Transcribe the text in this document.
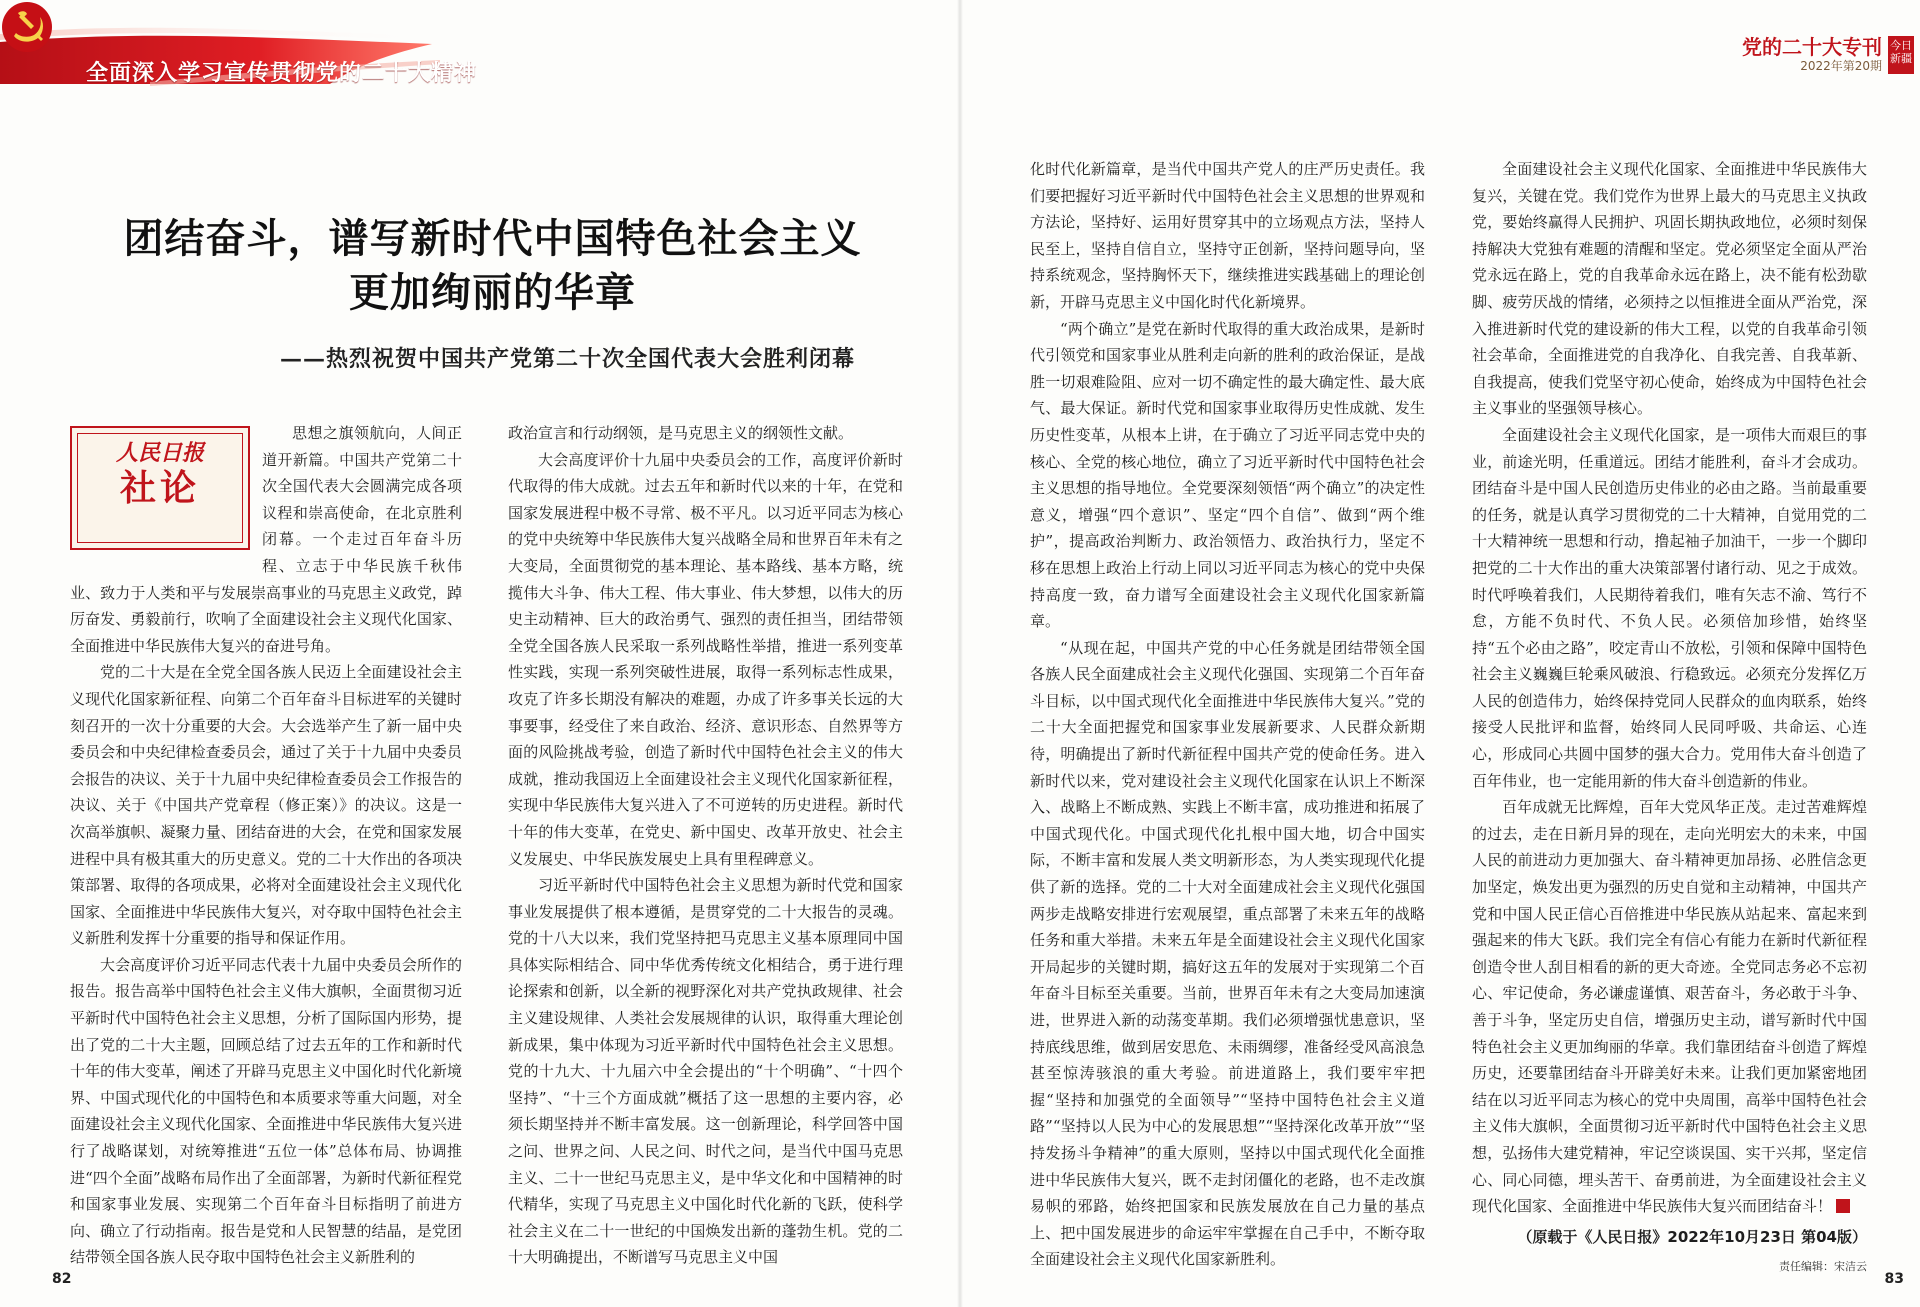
全面深入学习宣传贯彻党的二十大精神
团结奋斗，谱写新时代中国特色社会主义
更加绚丽的华章
——热烈祝贺中国共产党第二十次全国代表大会胜利闭幕
人民日报
社论

思想之旗领航向，人间正道开新篇。中国共产党第二十次全国代表大会圆满完成各项议程和崇高使命，在北京胜利闭幕。一个走过百年奋斗历程、立志于中华民族千秋伟业、致力于人类和平与发展崇高事业的马克思主义政党，踔厉奋发、勇毅前行，吹响了全面建设社会主义现代化国家、全面推进中华民族伟大复兴的奋进号角。

党的二十大是在全党全国各族人民迈上全面建设社会主义现代化国家新征程、向第二个百年奋斗目标进军的关键时刻召开的一次十分重要的大会。大会选举产生了新一届中央委员会和中央纪律检查委员会，通过了关于十九届中央委员会报告的决议、关于十九届中央纪律检查委员会工作报告的决议、关于《中国共产党章程（修正案）》的决议。这是一次高举旗帜、凝聚力量、团结奋进的大会，在党和国家发展进程中具有极其重大的历史意义。党的二十大作出的各项决策部署、取得的各项成果，必将对全面建设社会主义现代化国家、全面推进中华民族伟大复兴，对夺取中国特色社会主义新胜利发挥十分重要的指导和保证作用。

大会高度评价习近平同志代表十九届中央委员会所作的报告。报告高举中国特色社会主义伟大旗帜，全面贯彻习近平新时代中国特色社会主义思想，分析了国际国内形势，提出了党的二十大主题，回顾总结了过去五年的工作和新时代十年的伟大变革，阐述了开辟马克思主义中国化时代化新境界、中国式现代化的中国特色和本质要求等重大问题，对全面建设社会主义现代化国家、全面推进中华民族伟大复兴进行了战略谋划，对统筹推进“五位一体”总体布局、协调推进“四个全面”战略布局作出了全面部署，为新时代新征程党和国家事业发展、实现第二个百年奋斗目标指明了前进方向、确立了行动指南。报告是党和人民智慧的结晶，是党团结带领全国各族人民夺取中国特色社会主义新胜利的

政治宣言和行动纲领，是马克思主义的纲领性文献。

大会高度评价十九届中央委员会的工作，高度评价新时代取得的伟大成就。过去五年和新时代以来的十年，在党和国家发展进程中极不寻常、极不平凡。以习近平同志为核心的党中央统筹中华民族伟大复兴战略全局和世界百年未有之大变局，全面贯彻党的基本理论、基本路线、基本方略，统揽伟大斗争、伟大工程、伟大事业、伟大梦想，以伟大的历史主动精神、巨大的政治勇气、强烈的责任担当，团结带领全党全国各族人民采取一系列战略性举措，推进一系列变革性实践，实现一系列突破性进展，取得一系列标志性成果，攻克了许多长期没有解决的难题，办成了许多事关长远的大事要事，经受住了来自政治、经济、意识形态、自然界等方面的风险挑战考验，创造了新时代中国特色社会主义的伟大成就，推动我国迈上全面建设社会主义现代化国家新征程，实现中华民族伟大复兴进入了不可逆转的历史进程。新时代十年的伟大变革，在党史、新中国史、改革开放史、社会主义发展史、中华民族发展史上具有里程碑意义。

习近平新时代中国特色社会主义思想为新时代党和国家事业发展提供了根本遵循，是贯穿党的二十大报告的灵魂。党的十八大以来，我们党坚持把马克思主义基本原理同中国具体实际相结合、同中华优秀传统文化相结合，勇于进行理论探索和创新，以全新的视野深化对共产党执政规律、社会主义建设规律、人类社会发展规律的认识，取得重大理论创新成果，集中体现为习近平新时代中国特色社会主义思想。党的十九大、十九届六中全会提出的“十个明确”、“十四个坚持”、“十三个方面成就”概括了这一思想的主要内容，必须长期坚持并不断丰富发展。这一创新理论，科学回答中国之问、世界之问、人民之问、时代之问，是当代中国马克思主义、二十一世纪马克思主义，是中华文化和中国精神的时代精华，实现了马克思主义中国化时代化新的飞跃，使科学社会主义在二十一世纪的中国焕发出新的蓬勃生机。党的二十大明确提出，不断谱写马克思主义中国

82
党的二十大专刊
2022年第20期
今日
新疆

化时代化新篇章，是当代中国共产党人的庄严历史责任。我们要把握好习近平新时代中国特色社会主义思想的世界观和方法论，坚持好、运用好贯穿其中的立场观点方法，坚持人民至上，坚持自信自立，坚持守正创新，坚持问题导向，坚持系统观念，坚持胸怀天下，继续推进实践基础上的理论创新，开辟马克思主义中国化时代化新境界。

“两个确立”是党在新时代取得的重大政治成果，是新时代引领党和国家事业从胜利走向新的胜利的政治保证，是战胜一切艰难险阻、应对一切不确定性的最大确定性、最大底气、最大保证。新时代党和国家事业取得历史性成就、发生历史性变革，从根本上讲，在于确立了习近平同志党中央的核心、全党的核心地位，确立了习近平新时代中国特色社会主义思想的指导地位。全党要深刻领悟“两个确立”的决定性意义，增强“四个意识”、坚定“四个自信”、做到“两个维护”，提高政治判断力、政治领悟力、政治执行力，坚定不移在思想上政治上行动上同以习近平同志为核心的党中央保持高度一致，奋力谱写全面建设社会主义现代化国家新篇章。

“从现在起，中国共产党的中心任务就是团结带领全国各族人民全面建成社会主义现代化强国、实现第二个百年奋斗目标，以中国式现代化全面推进中华民族伟大复兴。”党的二十大全面把握党和国家事业发展新要求、人民群众新期待，明确提出了新时代新征程中国共产党的使命任务。进入新时代以来，党对建设社会主义现代化国家在认识上不断深入、战略上不断成熟、实践上不断丰富，成功推进和拓展了中国式现代化。中国式现代化扎根中国大地，切合中国实际，不断丰富和发展人类文明新形态，为人类实现现代化提供了新的选择。党的二十大对全面建成社会主义现代化强国两步走战略安排进行宏观展望，重点部署了未来五年的战略任务和重大举措。未来五年是全面建设社会主义现代化国家开局起步的关键时期，搞好这五年的发展对于实现第二个百年奋斗目标至关重要。当前，世界百年未有之大变局加速演进，世界进入新的动荡变革期。我们必须增强忧患意识，坚持底线思维，做到居安思危、未雨绸缪，准备经受风高浪急甚至惊涛骇浪的重大考验。前进道路上，我们要牢牢把握“坚持和加强党的全面领导”“坚持中国特色社会主义道路”“坚持以人民为中心的发展思想”“坚持深化改革开放”“坚持发扬斗争精神”的重大原则，坚持以中国式现代化全面推进中华民族伟大复兴，既不走封闭僵化的老路，也不走改旗易帜的邪路，始终把国家和民族发展放在自己力量的基点上、把中国发展进步的命运牢牢掌握在自己手中，不断夺取全面建设社会主义现代化国家新胜利。

全面建设社会主义现代化国家、全面推进中华民族伟大复兴，关键在党。我们党作为世界上最大的马克思主义执政党，要始终赢得人民拥护、巩固长期执政地位，必须时刻保持解决大党独有难题的清醒和坚定。党必须坚定全面从严治党永远在路上，党的自我革命永远在路上，决不能有松劲歇脚、疲劳厌战的情绪，必须持之以恒推进全面从严治党，深入推进新时代党的建设新的伟大工程，以党的自我革命引领社会革命，全面推进党的自我净化、自我完善、自我革新、自我提高，使我们党坚守初心使命，始终成为中国特色社会主义事业的坚强领导核心。

全面建设社会主义现代化国家，是一项伟大而艰巨的事业，前途光明，任重道远。团结才能胜利，奋斗才会成功。团结奋斗是中国人民创造历史伟业的必由之路。当前最重要的任务，就是认真学习贯彻党的二十大精神，自觉用党的二十大精神统一思想和行动，撸起袖子加油干，一步一个脚印把党的二十大作出的重大决策部署付诸行动、见之于成效。时代呼唤着我们，人民期待着我们，唯有矢志不渝、笃行不怠，方能不负时代、不负人民。必须倍加珍惜，始终坚持“五个必由之路”，咬定青山不放松，引领和保障中国特色社会主义巍巍巨轮乘风破浪、行稳致远。必须充分发挥亿万人民的创造伟力，始终保持党同人民群众的血肉联系，始终接受人民批评和监督，始终同人民同呼吸、共命运、心连心，形成同心共圆中国梦的强大合力。党用伟大奋斗创造了百年伟业，也一定能用新的伟大奋斗创造新的伟业。

百年成就无比辉煌，百年大党风华正茂。走过苦难辉煌的过去，走在日新月异的现在，走向光明宏大的未来，中国人民的前进动力更加强大、奋斗精神更加昂扬、必胜信念更加坚定，焕发出更为强烈的历史自觉和主动精神，中国共产党和中国人民正信心百倍推进中华民族从站起来、富起来到强起来的伟大飞跃。我们完全有信心有能力在新时代新征程创造令世人刮目相看的新的更大奇迹。全党同志务必不忘初心、牢记使命，务必谦虚谨慎、艰苦奋斗，务必敢于斗争、善于斗争，坚定历史自信，增强历史主动，谱写新时代中国特色社会主义更加绚丽的华章。我们靠团结奋斗创造了辉煌历史，还要靠团结奋斗开辟美好未来。让我们更加紧密地团结在以习近平同志为核心的党中央周围，高举中国特色社会主义伟大旗帜，全面贯彻习近平新时代中国特色社会主义思想，弘扬伟大建党精神，牢记空谈误国、实干兴邦，坚定信心、同心同德，埋头苦干、奋勇前进，为全面建设社会主义现代化国家、全面推进中华民族伟大复兴而团结奋斗！

（原载于《人民日报》2022年10月23日 第04版）
责任编辑：宋洁云
83
